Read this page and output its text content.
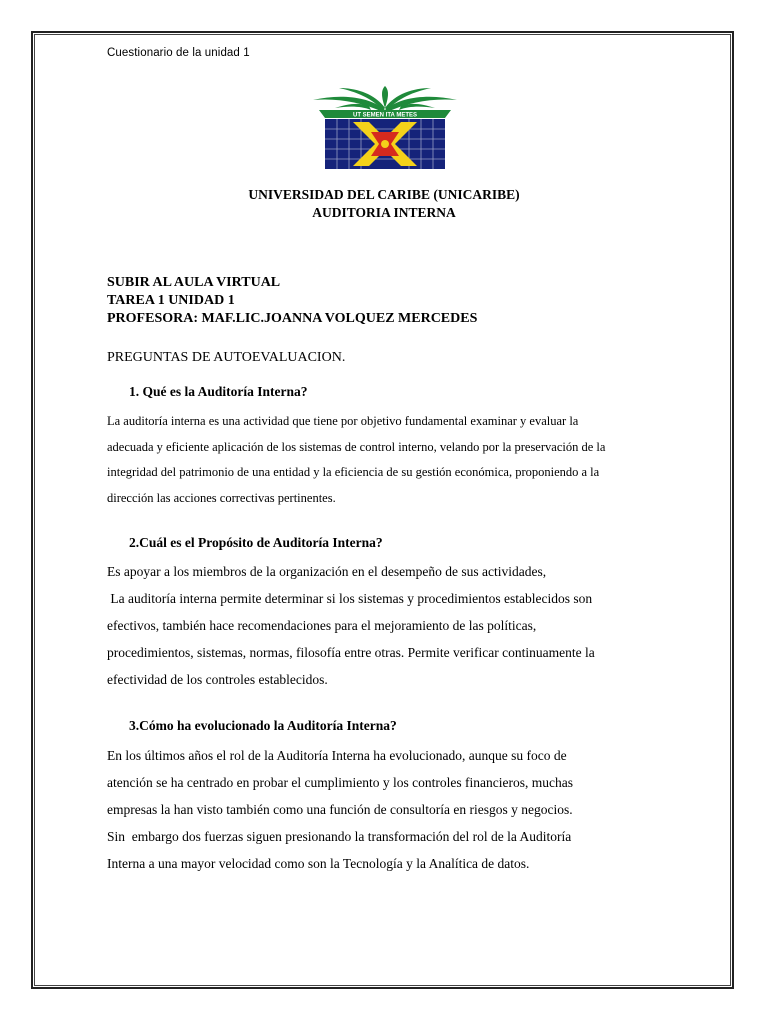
Cuestionario de la unidad 1
UT SEMEN ITA METES
UNIVERSIDAD DEL CARIBE (UNICARIBE)
AUDITORIA INTERNA
SUBIR AL AULA VIRTUAL
TAREA 1 UNIDAD 1
PROFESORA: MAF.LIC.JOANNA VOLQUEZ MERCEDES
PREGUNTAS DE AUTOEVALUACION.
1. Qué es la Auditoría Interna?
La auditoría interna es una actividad que tiene por objetivo fundamental examinar y evaluar la
adecuada y eficiente aplicación de los sistemas de control interno, velando por la preservación de la
integridad del patrimonio de una entidad y la eficiencia de su gestión económica, proponiendo a la
dirección las acciones correctivas pertinentes.
2.Cuál es el Propósito de Auditoría Interna?
Es apoyar a los miembros de la organización en el desempeño de sus actividades,
La auditoría interna permite determinar si los sistemas y procedimientos establecidos son
efectivos, también hace recomendaciones para el mejoramiento de las políticas,
procedimientos, sistemas, normas, filosofía entre otras. Permite verificar continuamente la
efectividad de los controles establecidos.
3.Cómo ha evolucionado la Auditoría Interna?
En los últimos años el rol de la Auditoría Interna ha evolucionado, aunque su foco de
atención se ha centrado en probar el cumplimiento y los controles financieros, muchas
empresas la han visto también como una función de consultoría en riesgos y negocios.
Sin  embargo dos fuerzas siguen presionando la transformación del rol de la Auditoría
Interna a una mayor velocidad como son la Tecnología y la Analítica de datos.
